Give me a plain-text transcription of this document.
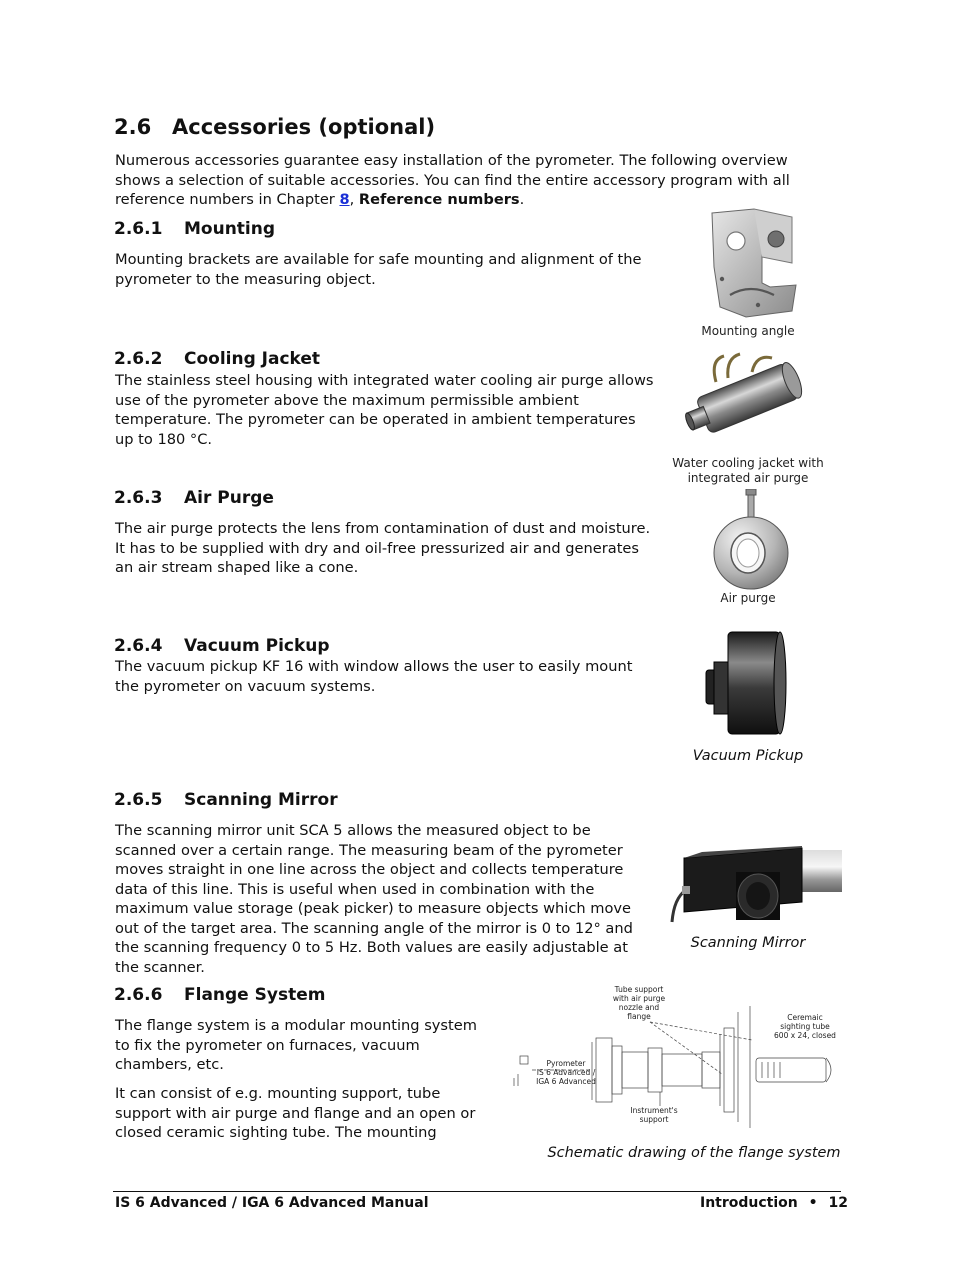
2.6 Accessories (optional)

Numerous accessories guarantee easy installation of the pyrometer. The following overview shows a selection of suitable accessories. You can find the entire accessory program with all reference numbers in Chapter 8, Reference numbers.

2.6.1 Mounting

Mounting brackets are available for safe mounting and alignment of the pyrometer to the measuring object.

Mounting angle
2.6.2 Cooling Jacket

The stainless steel housing with integrated water cooling air purge allows use of the pyrometer above the maximum permissible ambient temperature. The pyrometer can be operated in ambient temperatures up to 180 °C.

Water cooling jacket with
integrated air purge
2.6.3 Air Purge

The air purge protects the lens from contamination of dust and moisture. It has to be supplied with dry and oil-free pressurized air and generates an air stream shaped like a cone.

Air purge
2.6.4 Vacuum Pickup

The vacuum pickup KF 16 with window allows the user to easily mount the pyrometer on vacuum systems.

Vacuum Pickup
2.6.5 Scanning Mirror

The scanning mirror unit SCA 5 allows the measured object to be scanned over a certain range. The measuring beam of the pyrometer moves straight in one line across the object and collects temperature data of this line. This is useful when used in combination with the maximum value storage (peak picker) to measure objects which move out of the target area. The scanning angle of the mirror is 0 to 12° and the scanning frequency 0 to 5 Hz. Both values are easily adjustable at the scanner.

Scanning Mirror
2.6.6 Flange System

The flange system is a modular mounting system to fix the pyrometer on furnaces, vacuum chambers, etc.

It can consist of e.g. mounting support, tube support with air purge and flange and an open or closed ceramic sighting tube. The mounting

Tube support
with air purge
nozzle and
flange	Ceremaic
sighting tube
600 x 24, closed
Pyrometer
IS 6 Advanced /
IGA 6 Advanced
Instrument's
support
Schematic drawing of the flange system
IS 6 Advanced / IGA 6 Advanced Manual	Introduction • 12
